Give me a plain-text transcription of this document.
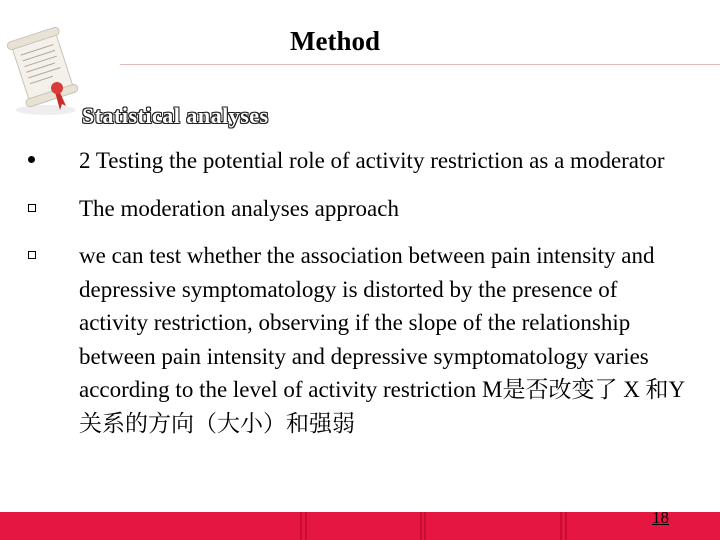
Method
Statistical analyses
2 Testing the potential role of activity restriction as a moderator
The moderation analyses approach
we can test whether the association between pain intensity and depressive symptomatology is distorted by the presence of activity restriction, observing if the slope of the relationship between pain intensity and depressive symptomatology varies according to the level of activity restriction M是否改变了 X 和Y关系的方向（大小）和强弱
18
